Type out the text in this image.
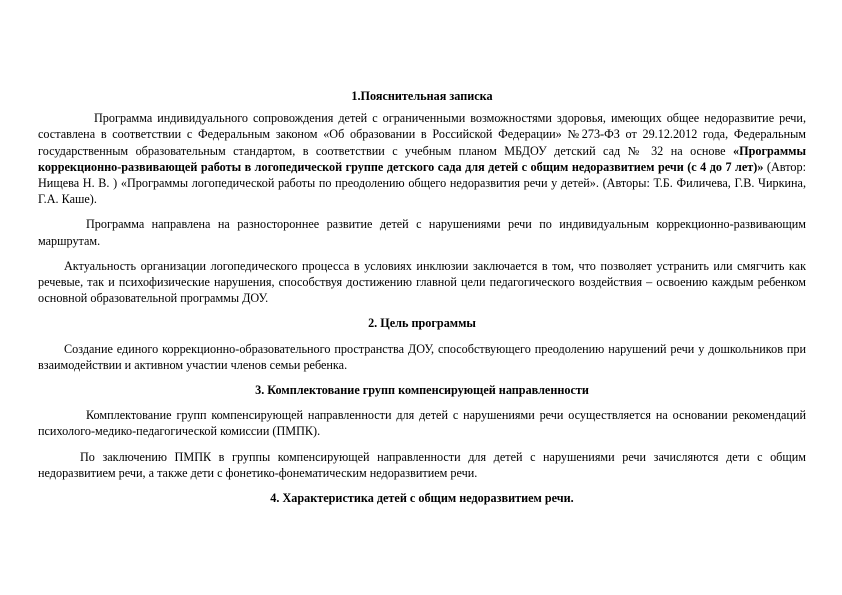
1.Пояснительная записка

Программа индивидуального сопровождения детей с ограниченными возможностями здоровья, имеющих общее недоразвитие речи, составлена в соответствии с Федеральным законом «Об образовании в Российской Федерации» №273-ФЗ от 29.12.2012 года, Федеральным государственным образовательным стандартом, в соответствии с учебным планом МБДОУ детский сад № 32 на основе «Программы коррекционно-развивающей работы в логопедической группе детского сада для детей с общим недоразвитием речи (с 4 до 7 лет)» (Автор: Нищева Н. В. ) «Программы логопедической работы по преодолению общего недоразвития речи у детей». (Авторы: Т.Б. Филичева, Г.В. Чиркина, Г.А. Каше).

Программа направлена на разностороннее развитие детей с нарушениями речи по индивидуальным коррекционно-развивающим маршрутам.

Актуальность организации логопедического процесса в условиях инклюзии заключается в том, что позволяет устранить или смягчить как речевые, так и психофизические нарушения, способствуя достижению главной цели педагогического воздействия – освоению каждым ребенком основной образовательной программы ДОУ.

2. Цель программы

Создание единого коррекционно-образовательного пространства ДОУ, способствующего преодолению нарушений речи у дошкольников при взаимодействии и активном участии членов семьи ребенка.

3. Комплектование групп компенсирующей направленности

Комплектование групп компенсирующей направленности для детей с нарушениями речи осуществляется на основании рекомендаций психолого-медико-педагогической комиссии (ПМПК).

По заключению ПМПК в группы компенсирующей направленности для детей с нарушениями речи зачисляются дети с общим недоразвитием речи, а также дети с фонетико-фонематическим недоразвитием речи.

4. Характеристика детей с общим недоразвитием речи.
